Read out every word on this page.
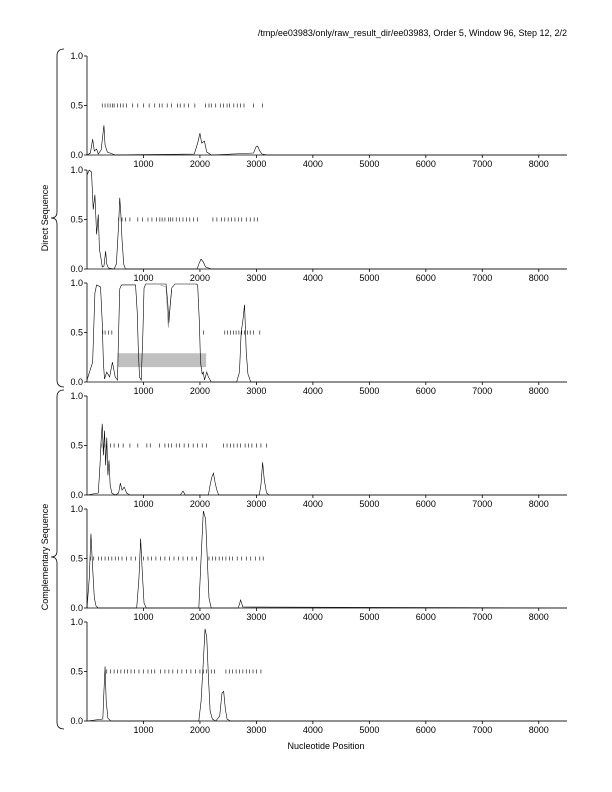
/tmp/ee03983/only/raw_result_dir/ee03983, Order 5, Window 96, Step 12, 2/2
Direct Sequence
Complementary Sequence
Nucleotide Position
0.0
0.5
1.0
1000	2000	3000	4000	5000	6000	7000	8000
0.0
0.5
1.0
1000	2000	3000	4000	5000	6000	7000	8000
0.0
0.5
1.0
1000	2000	3000	4000	5000	6000	7000	8000
0.0
0.5
1.0
1000	2000	3000	4000	5000	6000	7000	8000
0.0
0.5
1.0
1000	2000	3000	4000	5000	6000	7000	8000
0.0
0.5
1.0
1000	2000	3000	4000	5000	6000	7000	8000
